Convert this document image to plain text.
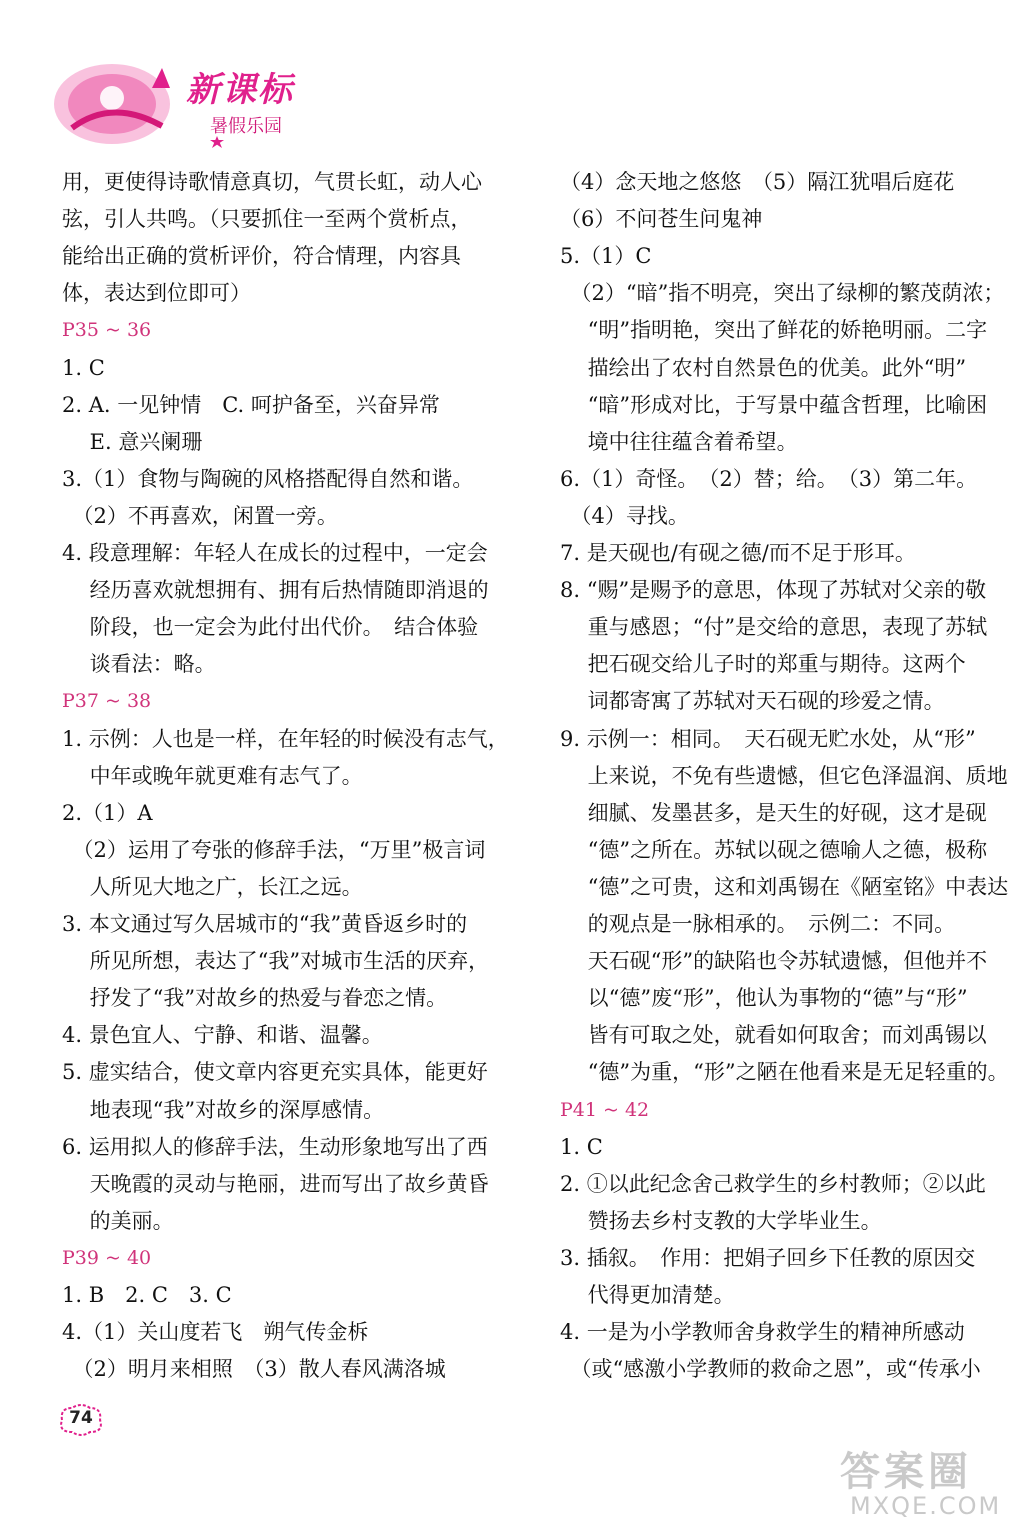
新课标
暑假乐园
用，更使得诗歌情意真切，气贯长虹，动人心
弦，引人共鸣。（只要抓住一至两个赏析点，
能给出正确的赏析评价，符合情理，内容具
体，表达到位即可）
P35 ~ 36
1. C
2. A. 一见钟情　C. 呵护备至，兴奋异常
　 E. 意兴阑珊
3.（1）食物与陶碗的风格搭配得自然和谐。
　（2）不再喜欢，闲置一旁。
4. 段意理解：年轻人在成长的过程中，一定会
　 经历喜欢就想拥有、拥有后热情随即消退的
　 阶段，也一定会为此付出代价。　结合体验
　 谈看法：略。
P37 ~ 38
1. 示例：人也是一样，在年轻的时候没有志气，
　 中年或晚年就更难有志气了。
2.（1）A
　（2）运用了夸张的修辞手法，“万里”极言词
　 人所见大地之广，长江之远。
3. 本文通过写久居城市的“我”黄昏返乡时的
　 所见所想，表达了“我”对城市生活的厌弃，
　 抒发了“我”对故乡的热爱与眷恋之情。
4. 景色宜人、宁静、和谐、温馨。
5. 虚实结合，使文章内容更充实具体，能更好
　 地表现“我”对故乡的深厚感情。
6. 运用拟人的修辞手法，生动形象地写出了西
　 天晚霞的灵动与艳丽，进而写出了故乡黄昏
　 的美丽。
P39 ~ 40
1. B　2. C　3. C
4.（1）关山度若飞　朔气传金柝
　（2）明月来相照　（3）散人春风满洛城
（4）念天地之悠悠　（5）隔江犹唱后庭花
（6）不问苍生问鬼神
5.（1）C
　（2）“暗”指不明亮，突出了绿柳的繁茂荫浓；
　 “明”指明艳，突出了鲜花的娇艳明丽。二字
　 描绘出了农村自然景色的优美。此外“明”
　 “暗”形成对比，于写景中蕴含哲理，比喻困
　 境中往往蕴含着希望。
6.（1）奇怪。　（2）替；给。　（3）第二年。
　（4）寻找。
7. 是天砚也/有砚之德/而不足于形耳。
8. “赐”是赐予的意思，体现了苏轼对父亲的敬
　 重与感恩；“付”是交给的意思，表现了苏轼
　 把石砚交给儿子时的郑重与期待。这两个
　 词都寄寓了苏轼对天石砚的珍爱之情。
9. 示例一：相同。　天石砚无贮水处，从“形”
　 上来说，不免有些遗憾，但它色泽温润、质地
　 细腻、发墨甚多，是天生的好砚，这才是砚
　 “德”之所在。苏轼以砚之德喻人之德，极称
　 “德”之可贵，这和刘禹锡在《陋室铭》中表达
　 的观点是一脉相承的。　示例二：不同。
　 天石砚“形”的缺陷也令苏轼遗憾，但他并不
　 以“德”废“形”，他认为事物的“德”与“形”
　 皆有可取之处，就看如何取舍；而刘禹锡以
　 “德”为重，“形”之陋在他看来是无足轻重的。
P41 ~ 42
1. C
2. ①以此纪念舍己救学生的乡村教师；②以此
　 赞扬去乡村支教的大学毕业生。
3. 插叙。　作用：把娟子回乡下任教的原因交
　 代得更加清楚。
4. 一是为小学教师舍身救学生的精神所感动
　（或“感激小学教师的救命之恩”，或“传承小
74
答案圈
MXQE.COM
